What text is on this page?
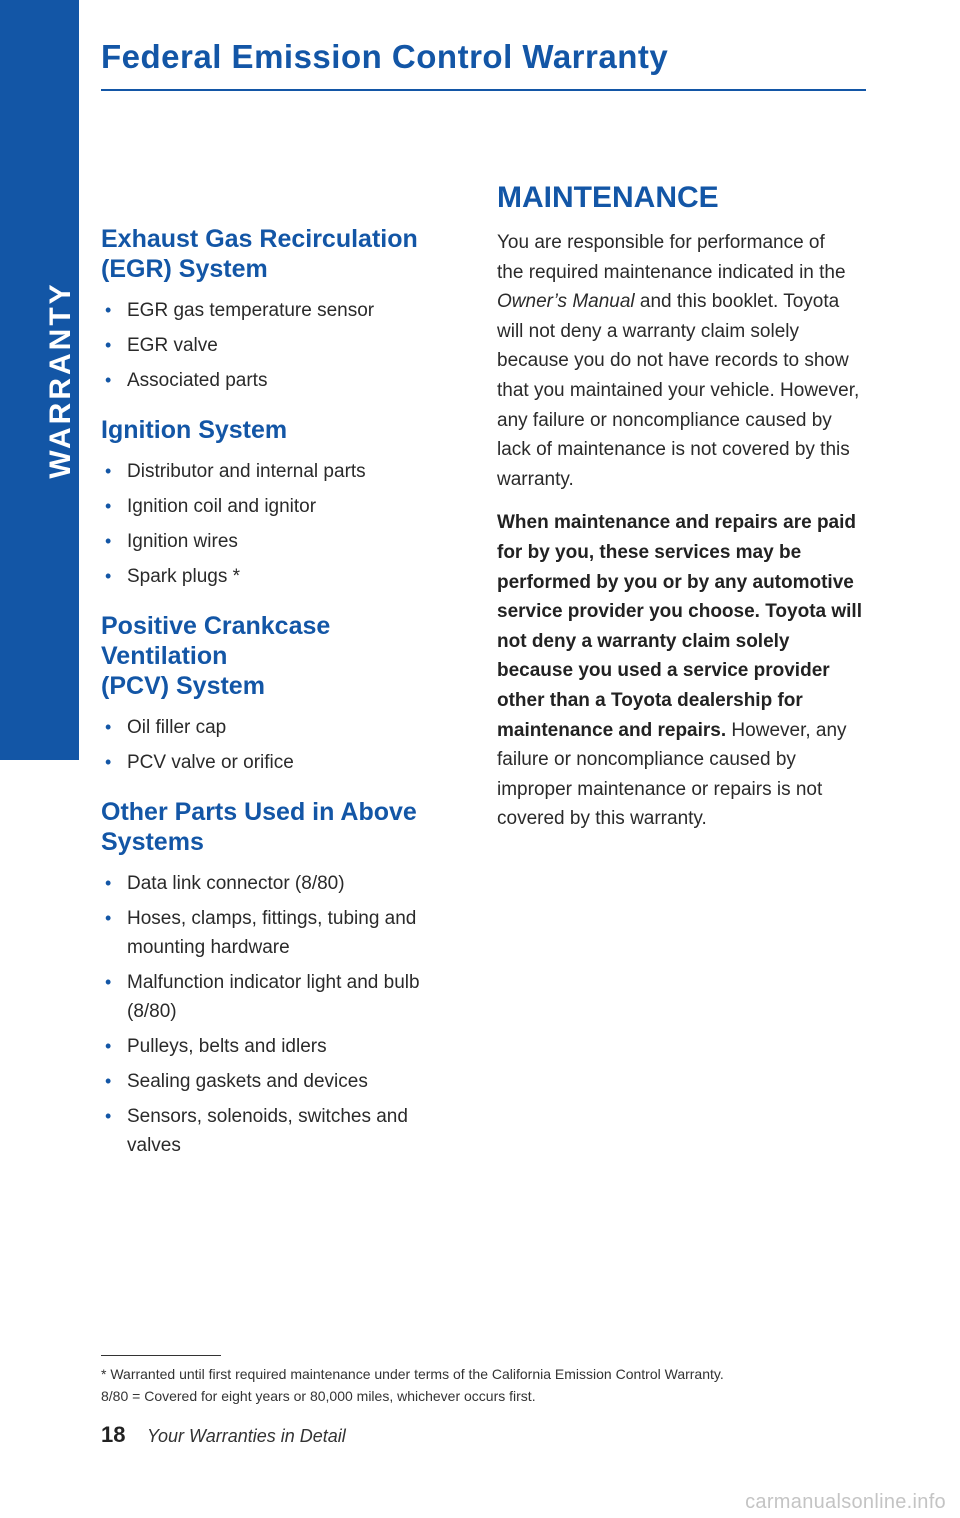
WARRANTY
Federal Emission Control Warranty
Exhaust Gas Recirculation
(EGR) System
• EGR gas temperature sensor
• EGR valve
• Associated parts
Ignition System
• Distributor and internal parts
• Ignition coil and ignitor
• Ignition wires
• Spark plugs *
Positive Crankcase Ventilation
(PCV) System
• Oil filler cap
• PCV valve or orifice
Other Parts Used in Above
Systems
• Data link connector (8/80)
• Hoses, clamps, fittings, tubing and
mounting hardware
• Malfunction indicator light and bulb
(8/80)
• Pulleys, belts and idlers
• Sealing gaskets and devices
• Sensors, solenoids, switches and
valves
MAINTENANCE

You are responsible for performance of
the required maintenance indicated in the
Owner’s Manual and this booklet. Toyota
will not deny a warranty claim solely
because you do not have records to show
that you maintained your vehicle. However,
any failure or noncompliance caused by
lack of maintenance is not covered by this
warranty.

When maintenance and repairs are paid
for by you, these services may be
performed by you or by any automotive
service provider you choose. Toyota will
not deny a warranty claim solely
because you used a service provider
other than a Toyota dealership for
maintenance and repairs. However, any
failure or noncompliance caused by
improper maintenance or repairs is not
covered by this warranty.

* Warranted until first required maintenance under terms of the California Emission Control Warranty.
8/80 = Covered for eight years or 80,000 miles, whichever occurs first.
18 Your Warranties in Detail
carmanualsonline.info
